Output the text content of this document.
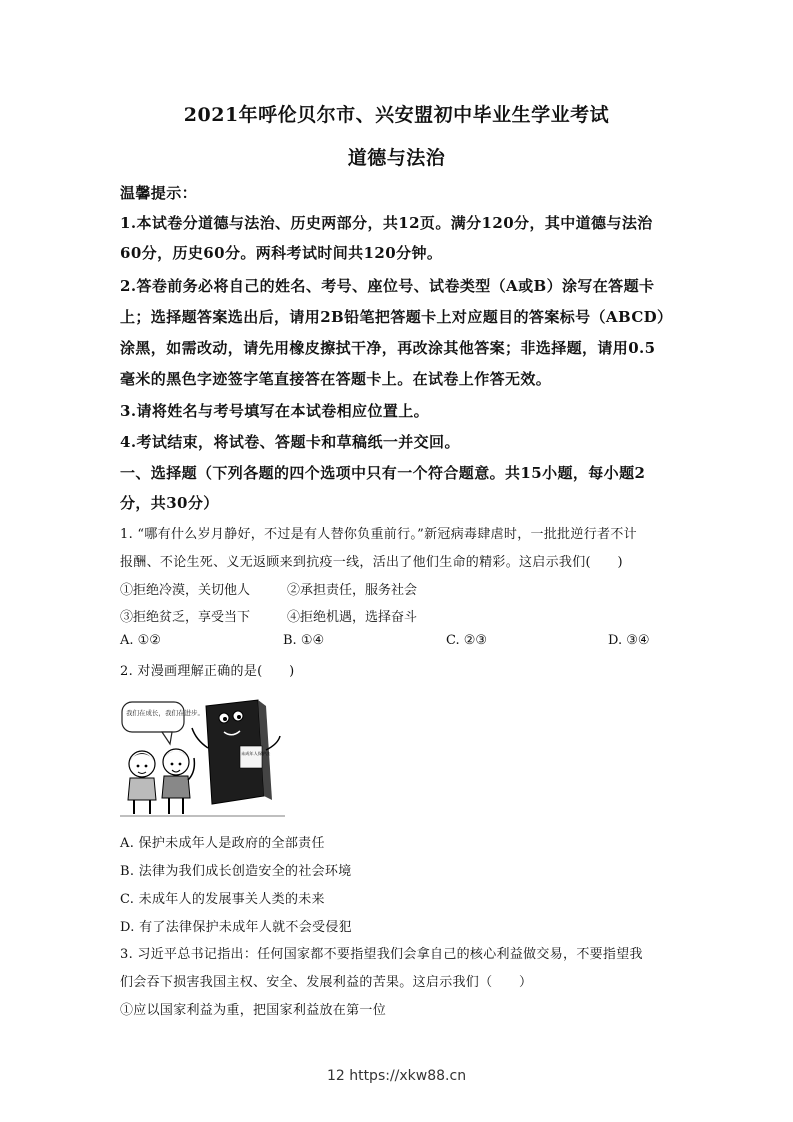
2021年呼伦贝尔市、兴安盟初中毕业生学业考试
道德与法治
温馨提示：
1.本试卷分道德与法治、历史两部分，共12页。满分120分，其中道德与法治
60分，历史60分。两科考试时间共120分钟。
2.答卷前务必将自己的姓名、考号、座位号、试卷类型（A或B）涂写在答题卡
上；选择题答案选出后，请用2B铅笔把答题卡上对应题目的答案标号（ABCD）
涂黑，如需改动，请先用橡皮擦拭干净，再改涂其他答案；非选择题，请用0.5
毫米的黑色字迹签字笔直接答在答题卡上。在试卷上作答无效。
3.请将姓名与考号填写在本试卷相应位置上。
4.考试结束，将试卷、答题卡和草稿纸一并交回。
一、选择题（下列各题的四个选项中只有一个符合题意。共15小题，每小题2
分，共30分）
1. “哪有什么岁月静好，不过是有人替你负重前行。”新冠病毒肆虐时，一批批逆行者不计
报酬、不论生死、义无返顾来到抗疫一线，活出了他们生命的精彩。这启示我们(　　)
①拒绝冷漠，关切他人	②承担责任，服务社会
③拒绝贫乏，享受当下	④拒绝机遇，选择奋斗
A. ①②	B. ①④	C. ②③	D. ③④
2. 对漫画理解正确的是(　　)
我们在成长，我们在进步。
未成年人保护法
A. 保护未成年人是政府的全部责任
B. 法律为我们成长创造安全的社会环境
C. 未成年人的发展事关人类的未来
D. 有了法律保护未成年人就不会受侵犯
3. 习近平总书记指出：任何国家都不要指望我们会拿自己的核心利益做交易，不要指望我
们会吞下损害我国主权、安全、发展利益的苦果。这启示我们（　　）
①应以国家利益为重，把国家利益放在第一位
12 https://xkw88.cn
